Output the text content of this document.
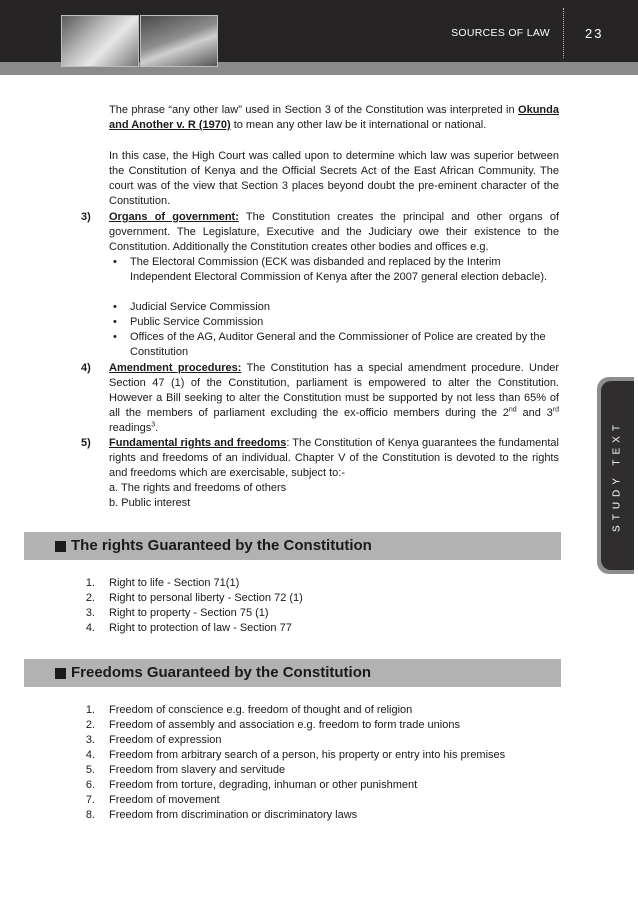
SOURCES OF LAW	23
STUDY TEXT

The phrase “any other law” used in Section 3 of the Constitution was interpreted in Okunda and Another v. R (1970) to mean any other law be it international or national.

In this case, the High Court was called upon to determine which law was superior between the Constitution of Kenya and the Official Secrets Act of the East African Community. The court was of the view that Section 3 places beyond doubt the pre-eminent character of the Constitution.

3) Organs of government: The Constitution creates the principal and other organs of government. The Legislature, Executive and the Judiciary owe their existence to the Constitution. Additionally the Constitution creates other bodies and offices e.g.

• The Electoral Commission (ECK was disbanded and replaced by the Interim Independent Electoral Commission of Kenya after the 2007 general election debacle).

• Judicial Service Commission

• Public Service Commission

• Offices of the AG, Auditor General and the Commissioner of Police are created by the Constitution

4) Amendment procedures: The Constitution has a special amendment procedure. Under Section 47 (1) of the Constitution, parliament is empowered to alter the Constitution. However a Bill seeking to alter the Constitution must be supported by not less than 65% of all the members of parliament excluding the ex-officio members during the 2nd and 3rd readings$^3$.

5) Fundamental rights and freedoms: The Constitution of Kenya guarantees the fundamental rights and freedoms of an individual. Chapter V of the Constitution is devoted to the rights and freedoms which are exercisable, subject to:-

a. The rights and freedoms of others
b. Public interest
The rights Guaranteed by the Constitution
1. Right to life - Section 71(1)
2. Right to personal liberty - Section 72 (1)
3. Right to property - Section 75 (1)
4. Right to protection of law - Section 77
Freedoms Guaranteed by the Constitution
1. Freedom of conscience e.g. freedom of thought and of religion
2. Freedom of assembly and association e.g. freedom to form trade unions
3. Freedom of expression
4. Freedom from arbitrary search of a person, his property or entry into his premises
5. Freedom from slavery and servitude
6. Freedom from torture, degrading, inhuman or other punishment
7. Freedom of movement
8. Freedom from discrimination or discriminatory laws
